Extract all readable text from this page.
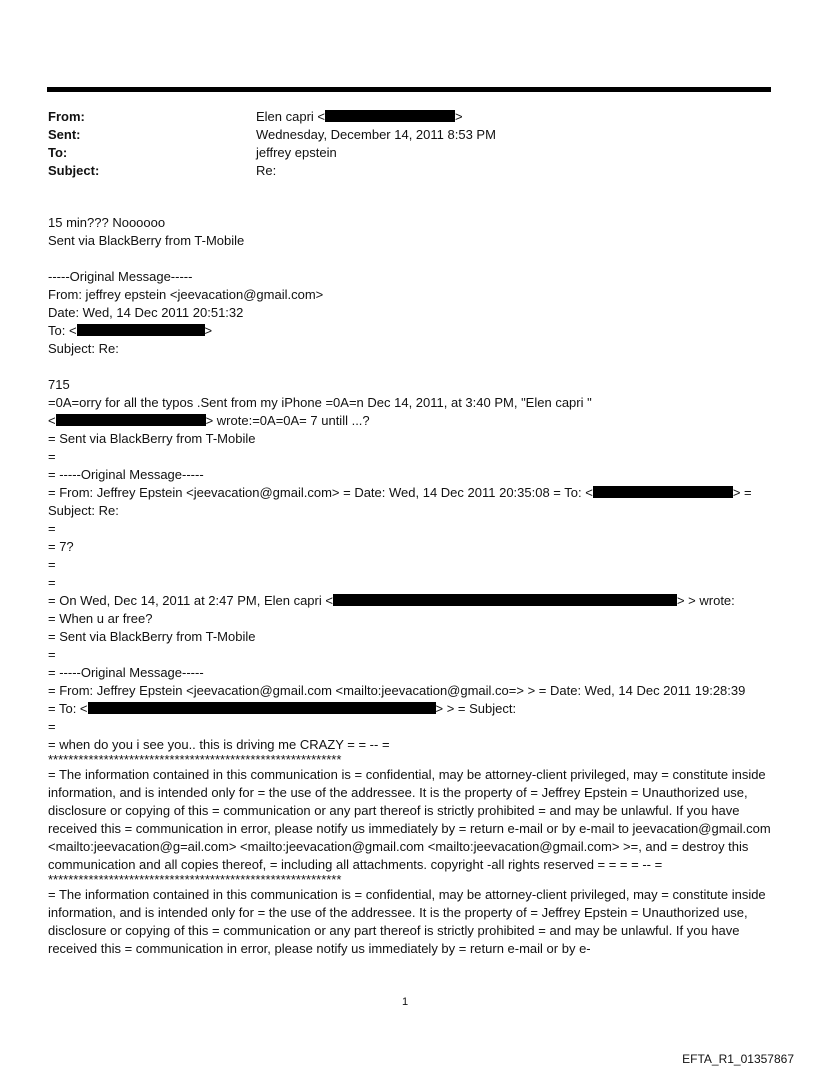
From:	Elen capri <	>
Sent:	Wednesday, December 14, 2011 8:53 PM
To:	jeffrey epstein
Subject:	Re:
15 min??? Noooooo
Sent via BlackBerry from T-Mobile
-----Original Message-----
From: jeffrey epstein <jeevacation@gmail.com>
Date: Wed, 14 Dec 2011 20:51:32
To: <	>
Subject: Re:
715
=0A=orry for all the typos .Sent from my iPhone =0A=n Dec 14, 2011, at 3:40 PM, "Elen capri "
<	> wrote:=0A=0A= 7 untill ...?
= Sent via BlackBerry from T-Mobile
=
= -----Original Message-----
= From: Jeffrey Epstein <jeevacation@gmail.com> = Date: Wed, 14 Dec 2011 20:35:08 = To: <	> =
Subject: Re:
=
= 7?
=
=
= On Wed, Dec 14, 2011 at 2:47 PM, Elen capri <	> > wrote:
= When u ar free?
= Sent via BlackBerry from T-Mobile
=
= -----Original Message-----
= From: Jeffrey Epstein <jeevacation@gmail.com <mailto:jeevacation@gmail.co=> > = Date: Wed, 14 Dec 2011 19:28:39
= To: <	> > = Subject:
=
= when do you i see you.. this is driving me CRAZY = = -- =
**********************************************************
= The information contained in this communication is = confidential, may be attorney-client privileged, may = constitute inside information, and is intended only for = the use of the addressee. It is the property of = Jeffrey Epstein = Unauthorized use, disclosure or copying of this = communication or any part thereof is strictly prohibited = and may be unlawful. If you have received this = communication in error, please notify us immediately by = return e-mail or by e-mail to jeevacation@gmail.com <mailto:jeevacation@g=ail.com> <mailto:jeevacation@gmail.com <mailto:jeevacation@gmail.com> >=, and = destroy this communication and all copies thereof, = including all attachments. copyright -all rights reserved = = = = -- =
**********************************************************
= The information contained in this communication is = confidential, may be attorney-client privileged, may = constitute inside information, and is intended only for = the use of the addressee. It is the property of = Jeffrey Epstein = Unauthorized use, disclosure or copying of this = communication or any part thereof is strictly prohibited = and may be unlawful. If you have received this = communication in error, please notify us immediately by = return e-mail or by e-
1
EFTA_R1_01357867
